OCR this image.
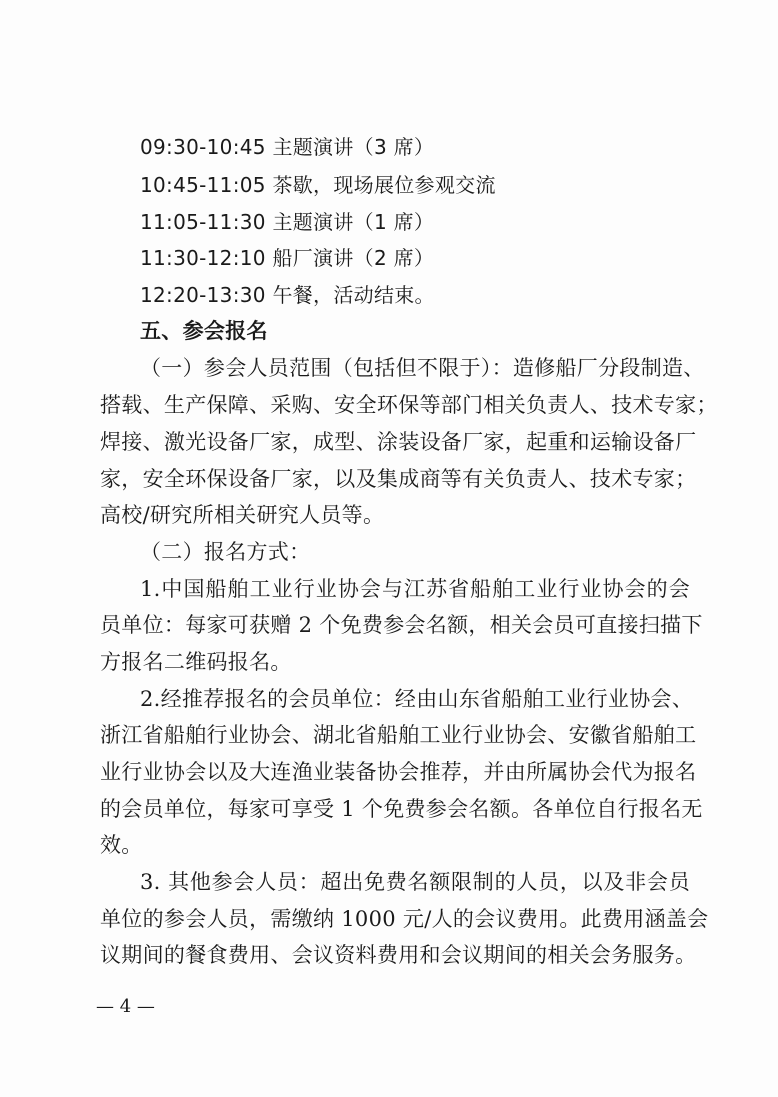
09:30-10:45 主题演讲（3 席）
10:45-11:05 茶歇，现场展位参观交流
11:05-11:30 主题演讲（1 席）
11:30-12:10 船厂演讲（2 席）
12:20-13:30 午餐，活动结束。
五、参会报名
（一）参会人员范围（包括但不限于）：造修船厂分段制造、
搭载、生产保障、采购、安全环保等部门相关负责人、技术专家；
焊接、激光设备厂家，成型、涂装设备厂家，起重和运输设备厂
家，安全环保设备厂家，以及集成商等有关负责人、技术专家；
高校/研究所相关研究人员等。
（二）报名方式：
1.中国船舶工业行业协会与江苏省船舶工业行业协会的会
员单位：每家可获赠 2 个免费参会名额，相关会员可直接扫描下
方报名二维码报名。
2.经推荐报名的会员单位：经由山东省船舶工业行业协会、
浙江省船舶行业协会、湖北省船舶工业行业协会、安徽省船舶工
业行业协会以及大连渔业装备协会推荐，并由所属协会代为报名
的会员单位，每家可享受 1 个免费参会名额。各单位自行报名无
效。
3. 其他参会人员：超出免费名额限制的人员，以及非会员
单位的参会人员，需缴纳 1000 元/人的会议费用。此费用涵盖会
议期间的餐食费用、会议资料费用和会议期间的相关会务服务。
— 4 —
